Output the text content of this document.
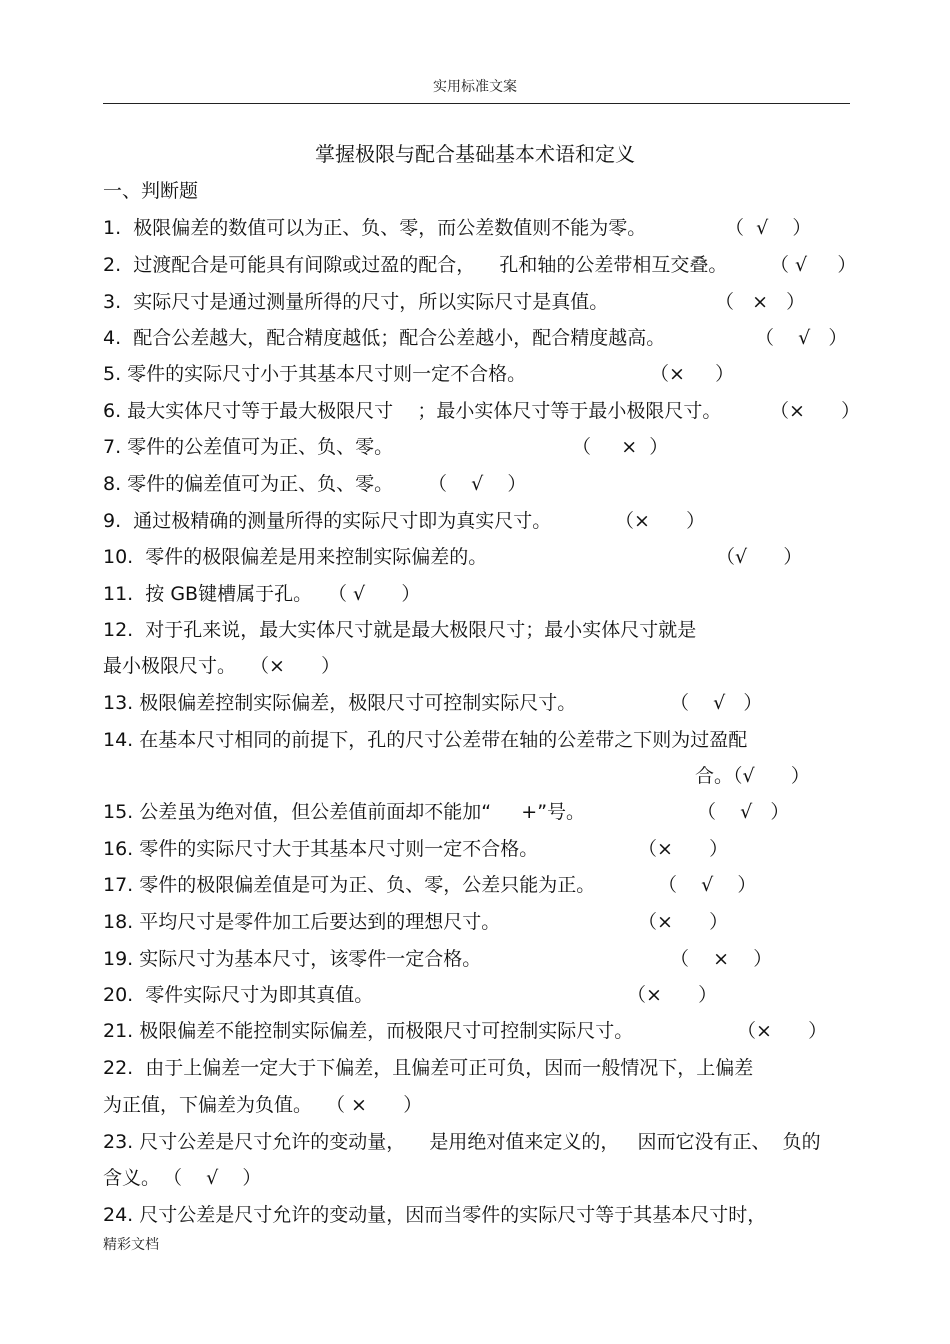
实用标准文案
掌握极限与配合基础基本术语和定义
一、判断题
1.  极限偏差的数值可以为正、负、零，而公差数值则不能为零。	（  √    ）
2.  过渡配合是可能具有间隙或过盈的配合，    孔和轴的公差带相互交叠。 （ √     ）
3.  实际尺寸是通过测量所得的尺寸，所以实际尺寸是真值。	（   ×   ）
4.  配合公差越大，配合精度越低；配合公差越小，配合精度越高。	（    √   ）
5. 零件的实际尺寸小于其基本尺寸则一定不合格。	（×     ）
6. 最大实体尺寸等于最大极限尺寸    ；最小实体尺寸等于最小极限尺寸。	（×      ）
7. 零件的公差值可为正、负、零。	（     ×  ）
8. 零件的偏差值可为正、负、零。 （    √    ）
9.  通过极精确的测量所得的实际尺寸即为真实尺寸。	（×      ）
10.  零件的极限偏差是用来控制实际偏差的。	（√      ）
11.  按 GB键槽属于孔。 （ √      ）
12.  对于孔来说，最大实体尺寸就是最大极限尺寸；最小实体尺寸就是
最小极限尺寸。 （×      ）
13. 极限偏差控制实际偏差，极限尺寸可控制实际尺寸。	（    √   ）
14. 在基本尺寸相同的前提下，孔的尺寸公差带在轴的公差带之下则为过盈配
合。（√      ）
15. 公差虽为绝对值，但公差值前面却不能加“     +”号。	（    √   ）
16. 零件的实际尺寸大于其基本尺寸则一定不合格。	（×      ）
17. 零件的极限偏差值是可为正、负、零，公差只能为正。	（    √    ）
18. 平均尺寸是零件加工后要达到的理想尺寸。	（×      ）
19. 实际尺寸为基本尺寸，该零件一定合格。	（    ×    ）
20.  零件实际尺寸为即其真值。	（×      ）
21. 极限偏差不能控制实际偏差，而极限尺寸可控制实际尺寸。	（×      ）
22.  由于上偏差一定大于下偏差，且偏差可正可负，因而一般情况下，上偏差
为正值，下偏差为负值。 （ ×      ）
23. 尺寸公差是尺寸允许的变动量，    是用绝对值来定义的，   因而它没有正、  负的
含义。 （    √    ）
24. 尺寸公差是尺寸允许的变动量，因而当零件的实际尺寸等于其基本尺寸时，
精彩文档
